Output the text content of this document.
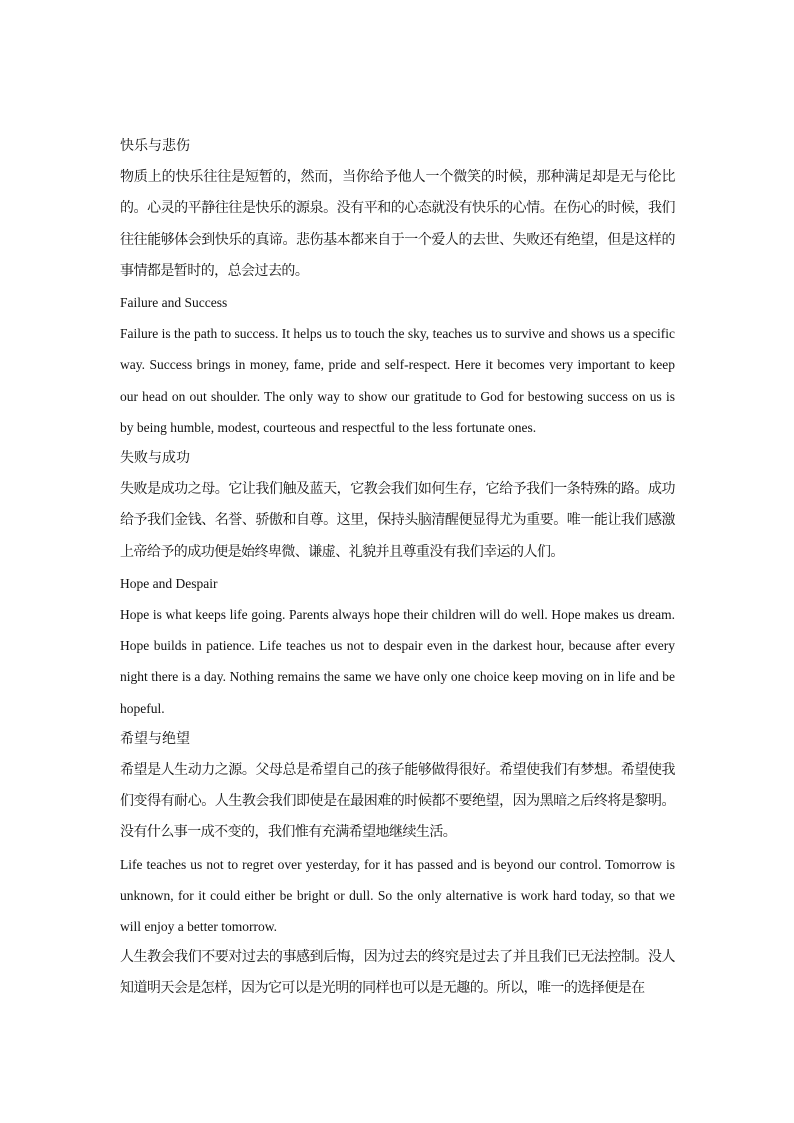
快乐与悲伤

物质上的快乐往往是短暂的，然而，当你给予他人一个微笑的时候，那种满足却是无与伦比的。心灵的平静往往是快乐的源泉。没有平和的心态就没有快乐的心情。在伤心的时候，我们往往能够体会到快乐的真谛。悲伤基本都来自于一个爱人的去世、失败还有绝望，但是这样的事情都是暂时的，总会过去的。

Failure and Success

Failure is the path to success. It helps us to touch the sky, teaches us to survive and shows us a specific way. Success brings in money, fame, pride and self-respect. Here it becomes very important to keep our head on out shoulder. The only way to show our gratitude to God for bestowing success on us is by being humble, modest, courteous and respectful to the less fortunate ones.

失败与成功

失败是成功之母。它让我们触及蓝天，它教会我们如何生存，它给予我们一条特殊的路。成功给予我们金钱、名誉、骄傲和自尊。这里，保持头脑清醒便显得尤为重要。唯一能让我们感激上帝给予的成功便是始终卑微、谦虚、礼貌并且尊重没有我们幸运的人们。

Hope and Despair

Hope is what keeps life going. Parents always hope their children will do well. Hope makes us dream. Hope builds in patience. Life teaches us not to despair even in the darkest hour, because after every night there is a day. Nothing remains the same we have only one choice keep moving on in life and be hopeful.

希望与绝望

希望是人生动力之源。父母总是希望自己的孩子能够做得很好。希望使我们有梦想。希望使我们变得有耐心。人生教会我们即使是在最困难的时候都不要绝望，因为黑暗之后终将是黎明。没有什么事一成不变的，我们惟有充满希望地继续生活。

Life teaches us not to regret over yesterday, for it has passed and is beyond our control. Tomorrow is unknown, for it could either be bright or dull. So the only alternative is work hard today, so that we will enjoy a better tomorrow.

人生教会我们不要对过去的事感到后悔，因为过去的终究是过去了并且我们已无法控制。没人知道明天会是怎样，因为它可以是光明的同样也可以是无趣的。所以，唯一的选择便是在
